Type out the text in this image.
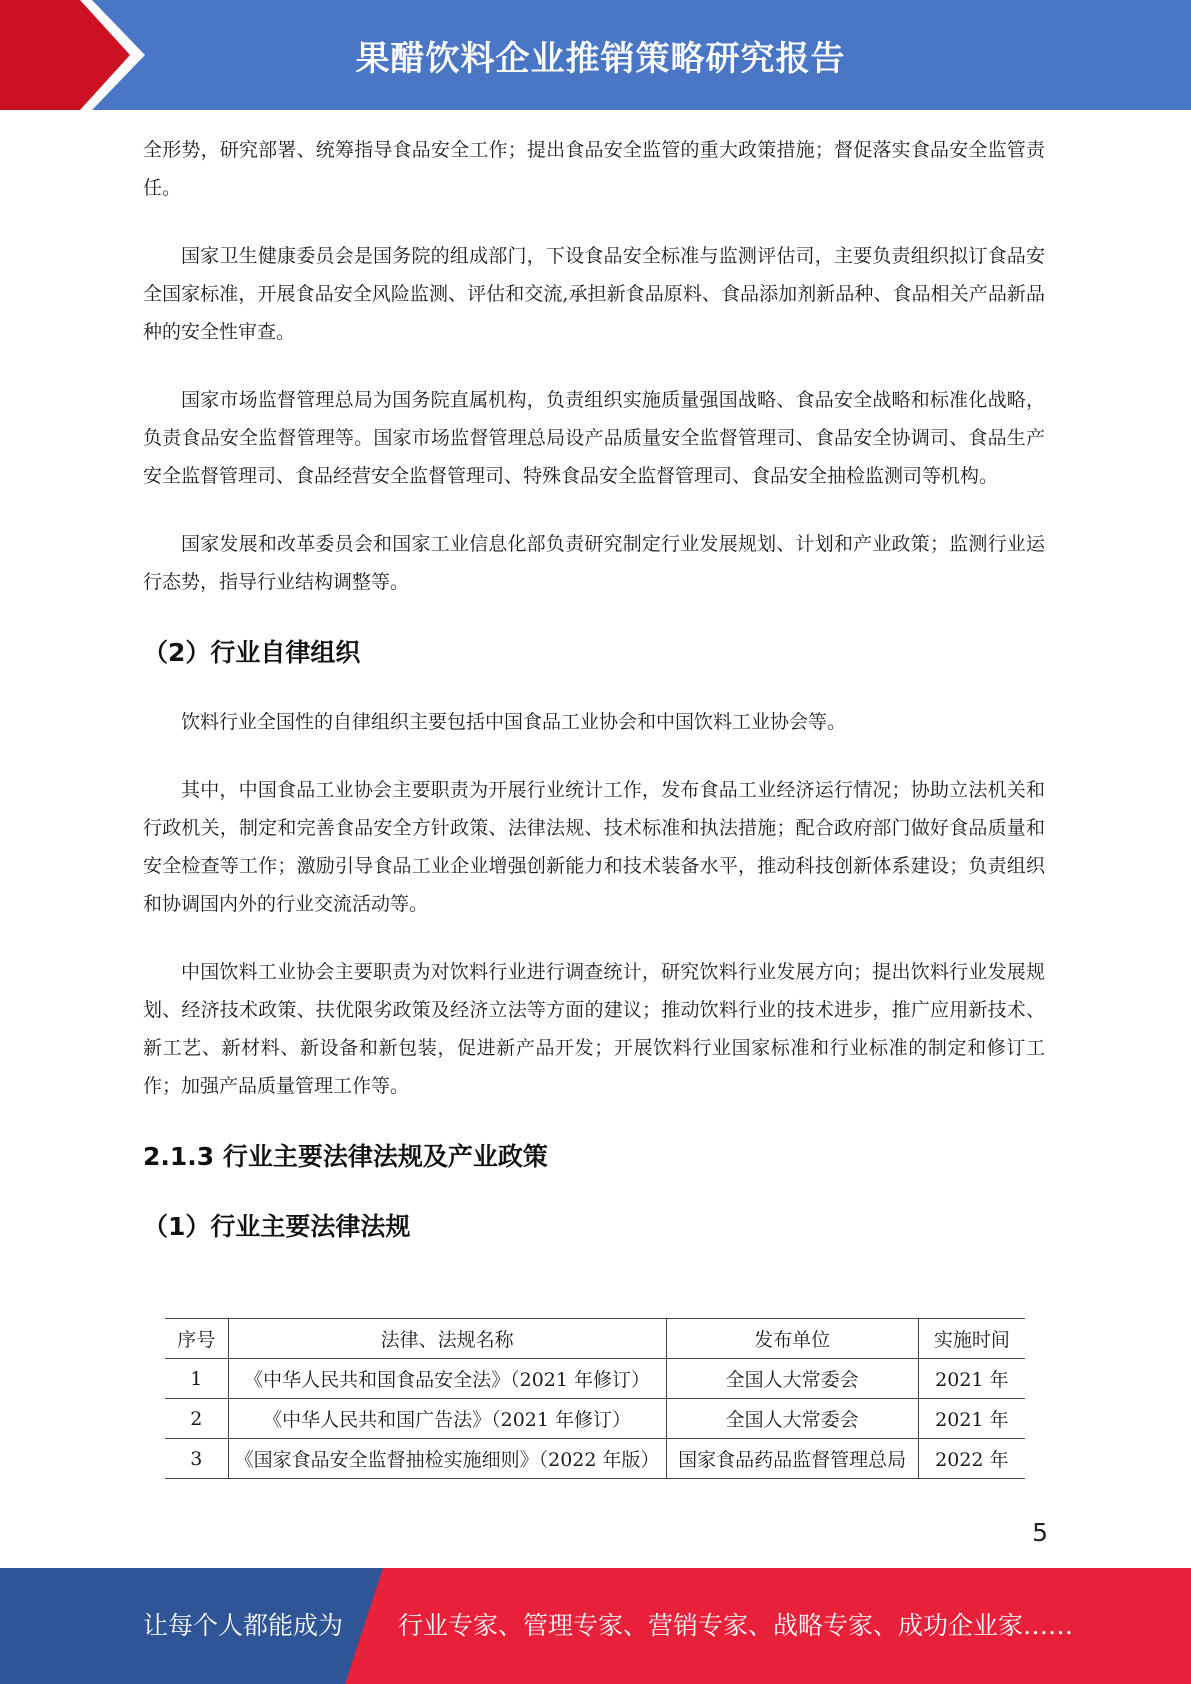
果醋饮料企业推销策略研究报告

全形势，研究部署、统筹指导食品安全工作；提出食品安全监管的重大政策措施；督促落实食品安全监管责任。

国家卫生健康委员会是国务院的组成部门，下设食品安全标准与监测评估司，主要负责组织拟订食品安全国家标准，开展食品安全风险监测、评估和交流,承担新食品原料、食品添加剂新品种、食品相关产品新品种的安全性审查。

国家市场监督管理总局为国务院直属机构，负责组织实施质量强国战略、食品安全战略和标准化战略，负责食品安全监督管理等。国家市场监督管理总局设产品质量安全监督管理司、食品安全协调司、食品生产安全监督管理司、食品经营安全监督管理司、特殊食品安全监督管理司、食品安全抽检监测司等机构。

国家发展和改革委员会和国家工业信息化部负责研究制定行业发展规划、计划和产业政策；监测行业运行态势，指导行业结构调整等。

（2）行业自律组织

饮料行业全国性的自律组织主要包括中国食品工业协会和中国饮料工业协会等。

其中，中国食品工业协会主要职责为开展行业统计工作，发布食品工业经济运行情况；协助立法机关和行政机关，制定和完善食品安全方针政策、法律法规、技术标准和执法措施；配合政府部门做好食品质量和安全检查等工作；激励引导食品工业企业增强创新能力和技术装备水平，推动科技创新体系建设；负责组织和协调国内外的行业交流活动等。

中国饮料工业协会主要职责为对饮料行业进行调查统计，研究饮料行业发展方向；提出饮料行业发展规划、经济技术政策、扶优限劣政策及经济立法等方面的建议；推动饮料行业的技术进步，推广应用新技术、新工艺、新材料、新设备和新包装，促进新产品开发；开展饮料行业国家标准和行业标准的制定和修订工作；加强产品质量管理工作等。

2.1.3 行业主要法律法规及产业政策
（1）行业主要法律法规
序号	法律、法规名称	发布单位	实施时间
1	《中华人民共和国食品安全法》（2021 年修订）	全国人大常委会	2021 年
2	《中华人民共和国广告法》（2021 年修订）	全国人大常委会	2021 年
3	《国家食品安全监督抽检实施细则》（2022 年版）	国家食品药品监督管理总局	2022 年
5
让每个人都能成为 行业专家、管理专家、营销专家、战略专家、成功企业家……
